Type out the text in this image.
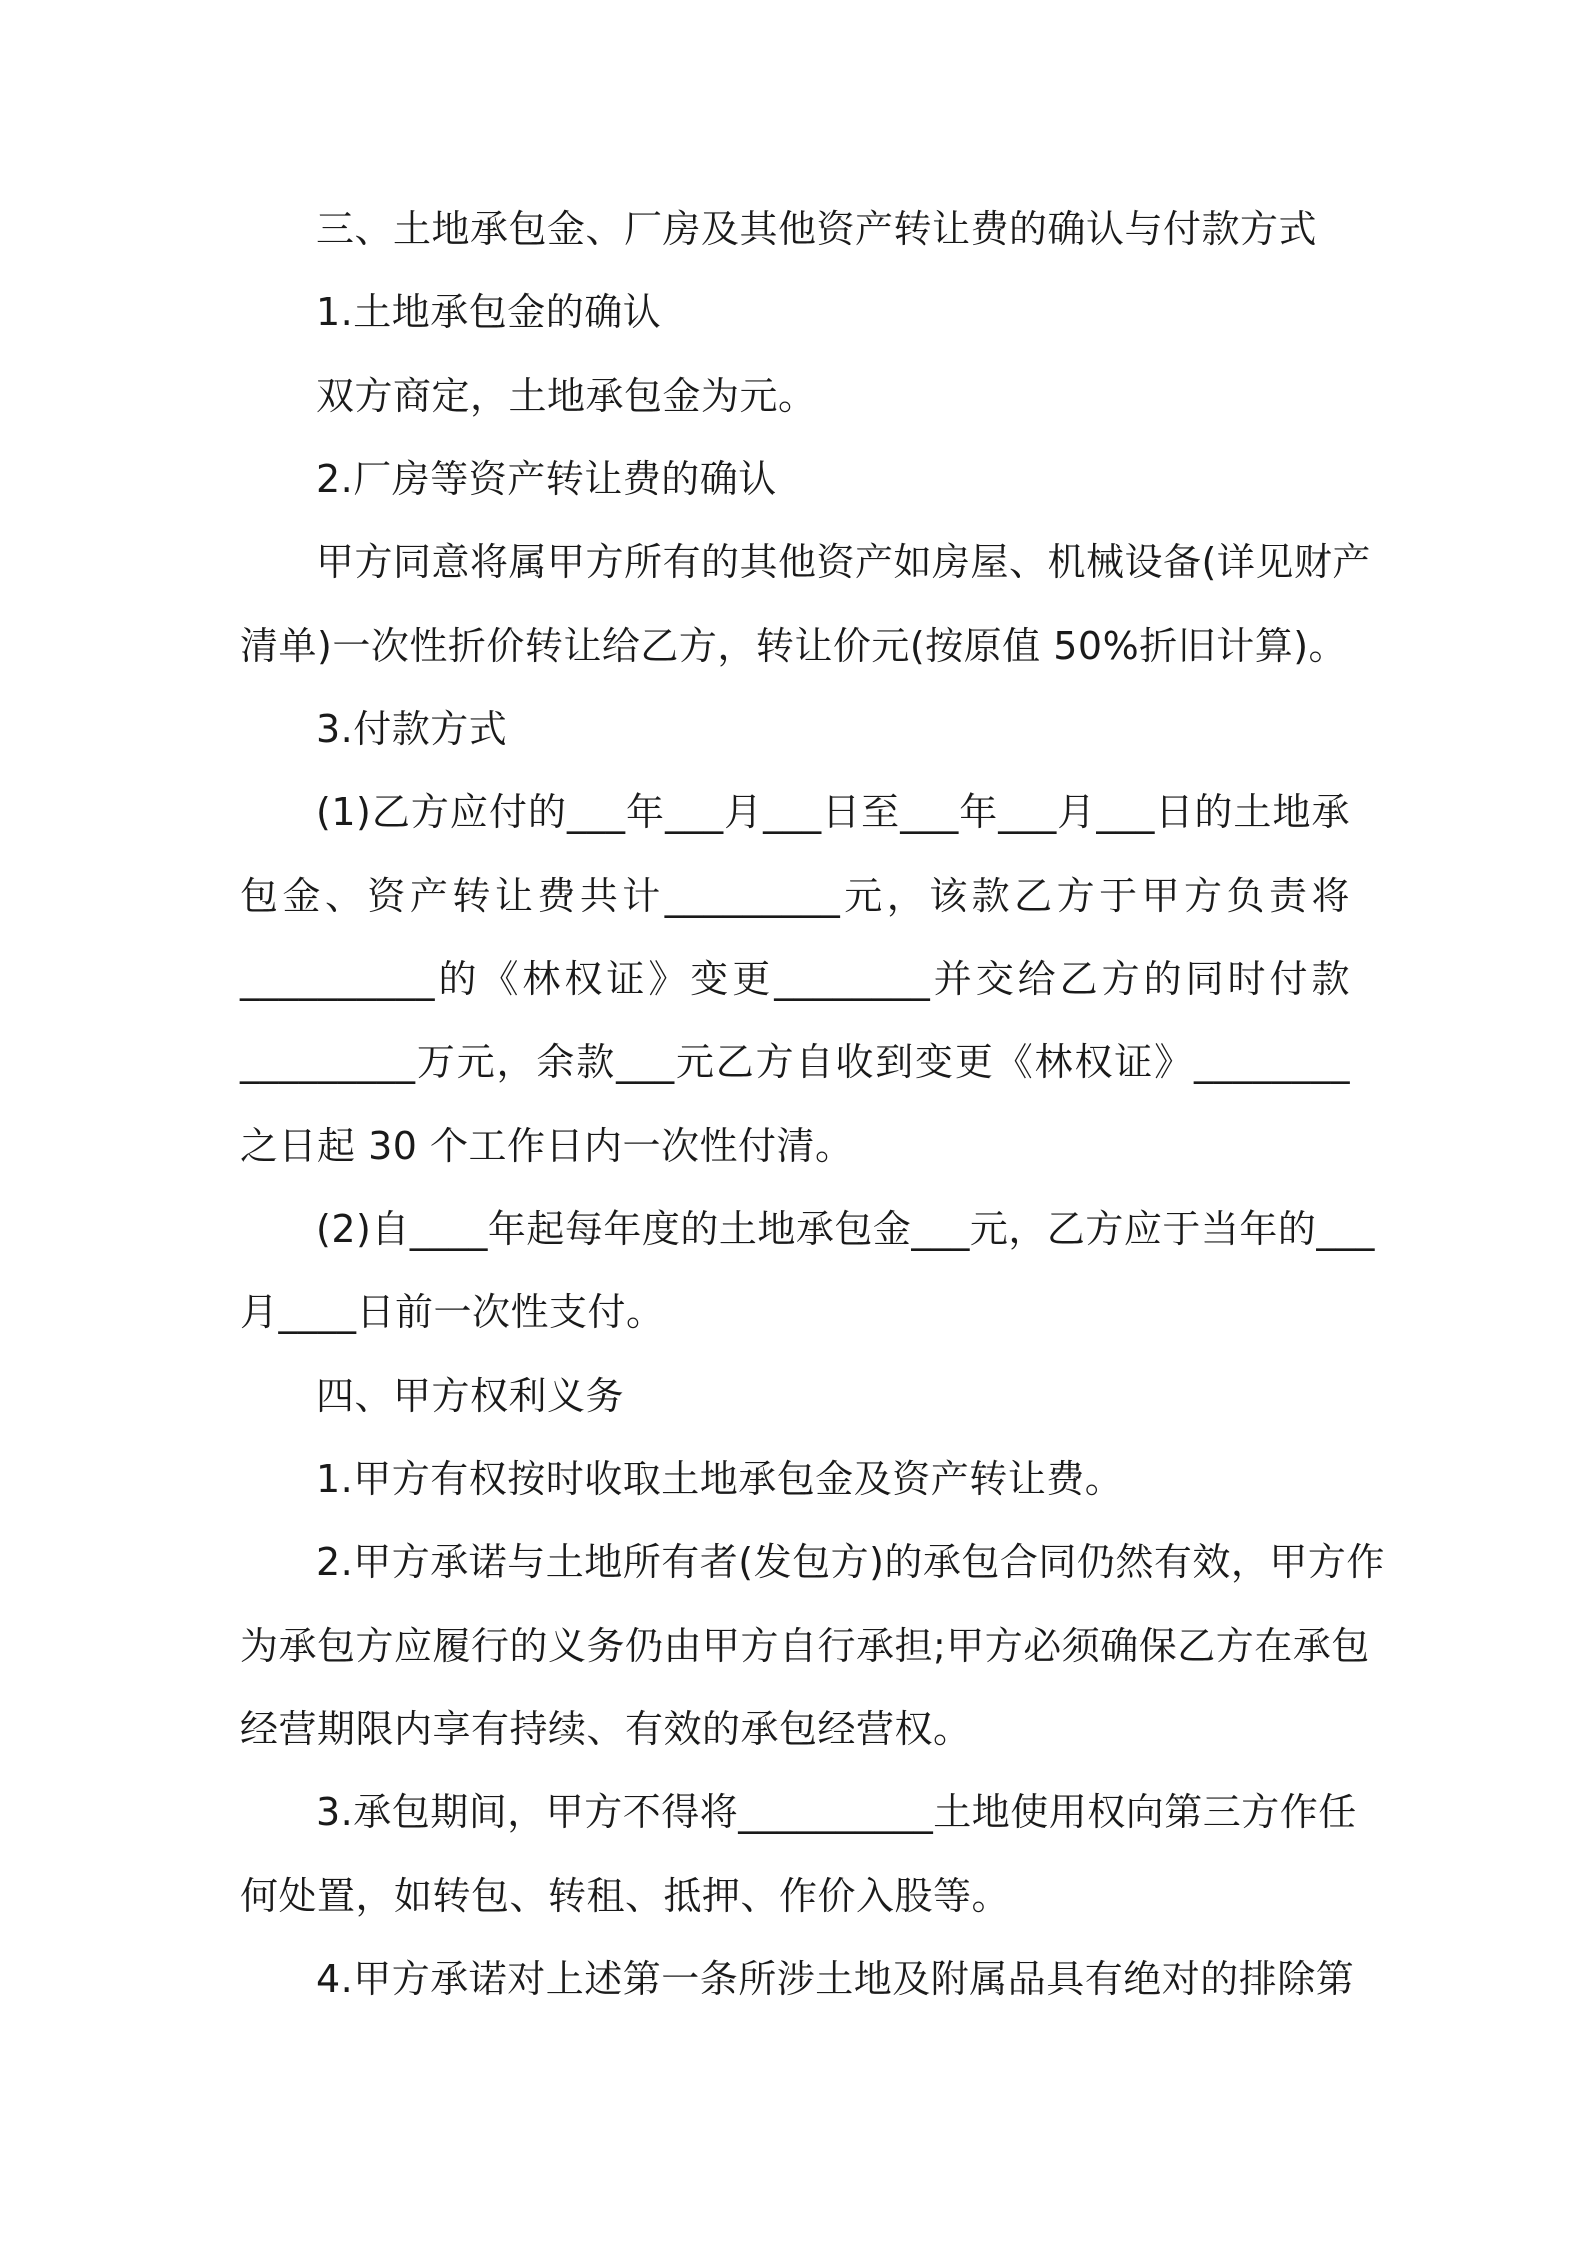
三、土地承包金、厂房及其他资产转让费的确认与付款方式
1.土地承包金的确认
双方商定，土地承包金为元。
2.厂房等资产转让费的确认
甲方同意将属甲方所有的其他资产如房屋、机械设备(详见财产
清单)一次性折价转让给乙方，转让价元(按原值 50%折旧计算)。
3.付款方式
(1)乙方应付的___年___月___日至___年___月___日的土地承
包金、资产转让费共计_________元，该款乙方于甲方负责将
__________的《林权证》变更________并交给乙方的同时付款
_________万元，余款___元乙方自收到变更《林权证》________
之日起 30 个工作日内一次性付清。
(2)自____年起每年度的土地承包金___元，乙方应于当年的___
月____日前一次性支付。
四、甲方权利义务
1.甲方有权按时收取土地承包金及资产转让费。
2.甲方承诺与土地所有者(发包方)的承包合同仍然有效，甲方作
为承包方应履行的义务仍由甲方自行承担;甲方必须确保乙方在承包
经营期限内享有持续、有效的承包经营权。
3.承包期间，甲方不得将__________土地使用权向第三方作任
何处置，如转包、转租、抵押、作价入股等。
4.甲方承诺对上述第一条所涉土地及附属品具有绝对的排除第
